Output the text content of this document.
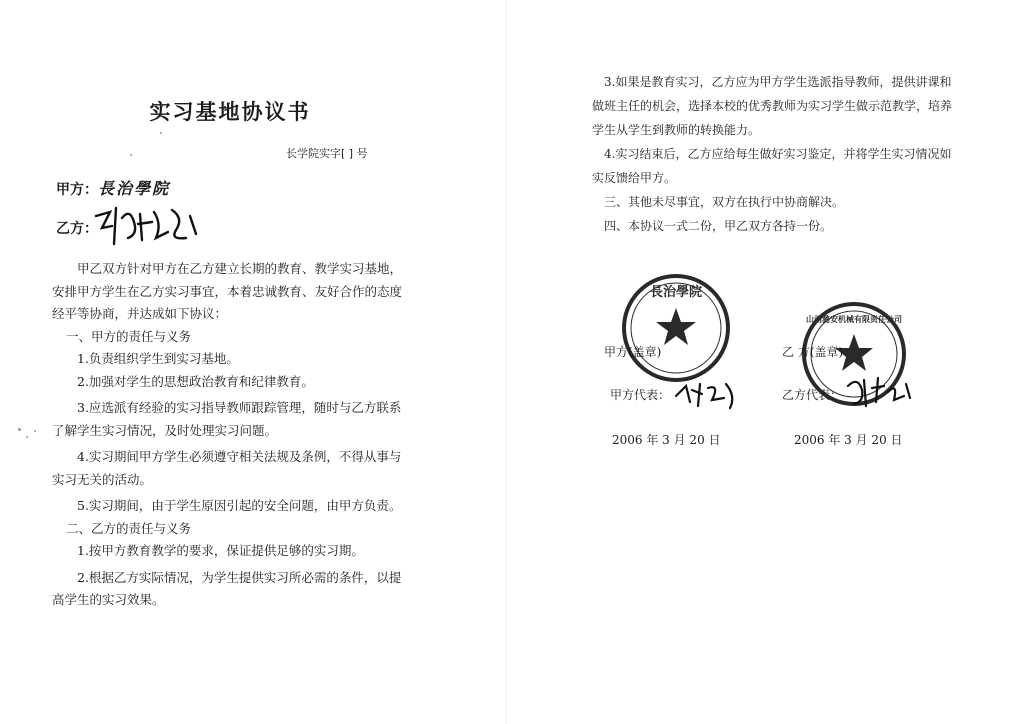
实习基地协议书
长学院实字[ ] 号
甲方：長治學院
乙方：

甲乙双方针对甲方在乙方建立长期的教育、教学实习基地，安排甲方学生在乙方实习事宜，本着忠诚教育、友好合作的态度经平等协商，并达成如下协议：

一、甲方的责任与义务

1.负责组织学生到实习基地。

2.加强对学生的思想政治教育和纪律教育。

3.应选派有经验的实习指导教师跟踪管理，随时与乙方联系了解学生实习情况，及时处理实习问题。

4.实习期间甲方学生必须遵守相关法规及条例，不得从事与实习无关的活动。

5.实习期间，由于学生原因引起的安全问题，由甲方负责。

二、乙方的责任与义务

1.按甲方教育教学的要求，保证提供足够的实习期。

2.根据乙方实际情况，为学生提供实习所必需的条件，以提高学生的实习效果。

3.如果是教育实习，乙方应为甲方学生选派指导教师，提供讲课和做班主任的机会，选择本校的优秀教师为实习学生做示范教学，培养学生从学生到教师的转换能力。

4.实习结束后，乙方应给每生做好实习鉴定，并将学生实习情况如实反馈给甲方。

三、其他未尽事宜，双方在执行中协商解决。

四、本协议一式二份，甲乙双方各持一份。

長治學院
甲方(盖章)
甲方代表：
2006 年 3 月 20 日
山西潞安机械有限责任公司
乙 方(盖章)
乙方代表：
2006 年 3 月 20 日
